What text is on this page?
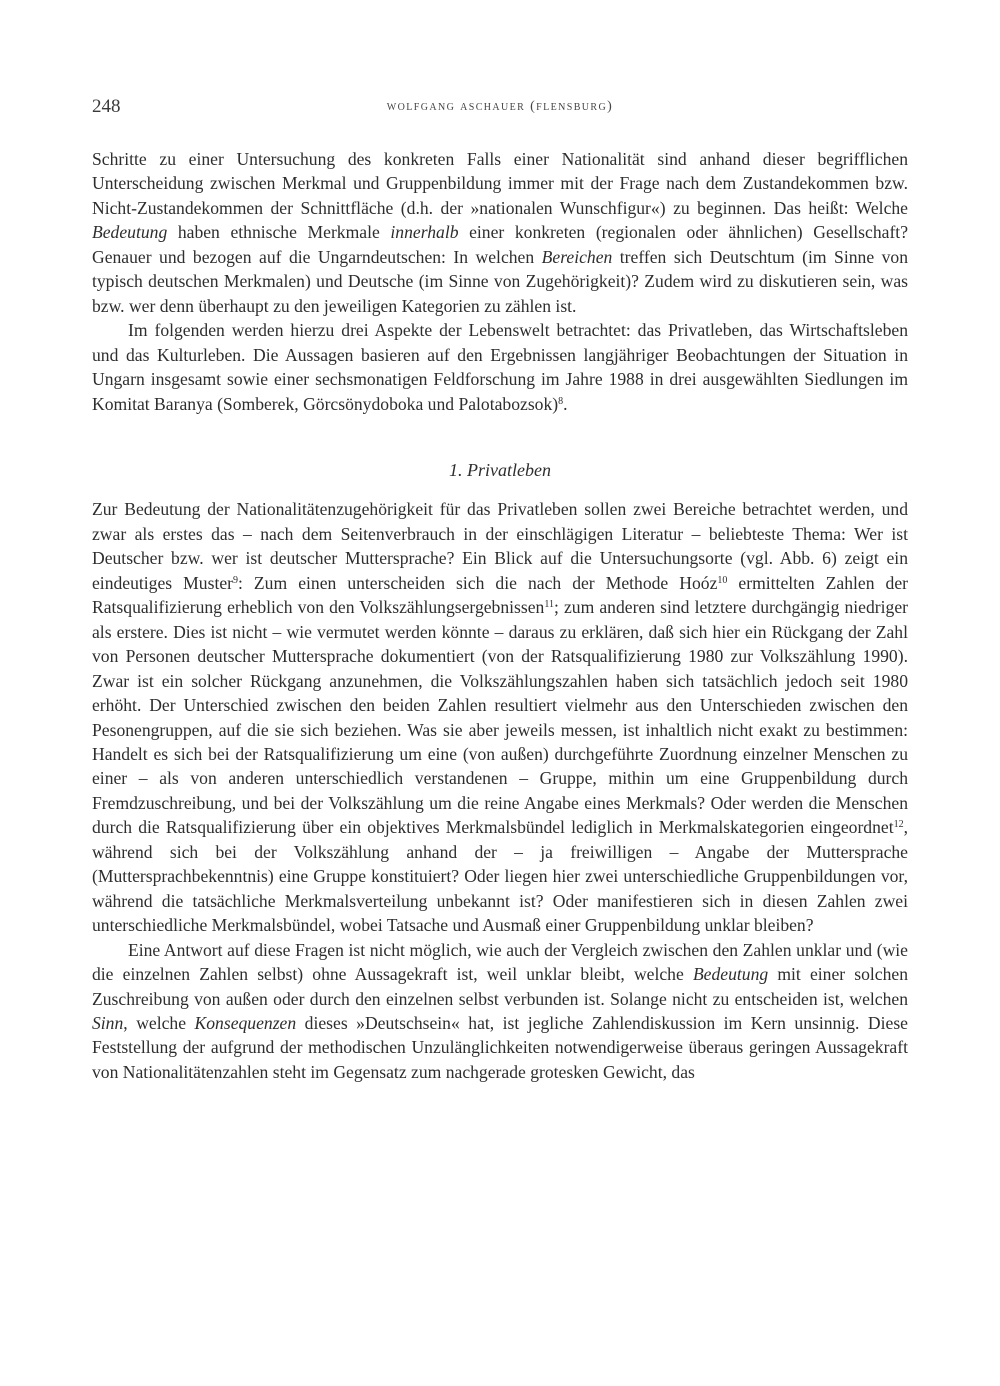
248	wolfgang aschauer (flensburg)

Schritte zu einer Untersuchung des konkreten Falls einer Nationalität sind anhand dieser begrifflichen Unterscheidung zwischen Merkmal und Gruppenbildung immer mit der Frage nach dem Zustandekommen bzw. Nicht-Zustandekommen der Schnittfläche (d.h. der »nationalen Wunschfigur«) zu beginnen. Das heißt: Welche Bedeutung haben ethnische Merkmale innerhalb einer konkreten (regionalen oder ähnlichen) Gesellschaft? Genauer und bezogen auf die Ungarndeutschen: In welchen Bereichen treffen sich Deutschtum (im Sinne von typisch deutschen Merkmalen) und Deutsche (im Sinne von Zugehörigkeit)? Zudem wird zu diskutieren sein, was bzw. wer denn überhaupt zu den jeweiligen Kategorien zu zählen ist.

Im folgenden werden hierzu drei Aspekte der Lebenswelt betrachtet: das Privatleben, das Wirtschaftsleben und das Kulturleben. Die Aussagen basieren auf den Ergebnissen langjähriger Beobachtungen der Situation in Ungarn insgesamt sowie einer sechsmonatigen Feldforschung im Jahre 1988 in drei ausgewählten Siedlungen im Komitat Baranya (Somberek, Görcsönydoboka und Palotabozsok)$^8$.

1. Privatleben

Zur Bedeutung der Nationalitätenzugehörigkeit für das Privatleben sollen zwei Bereiche betrachtet werden, und zwar als erstes das – nach dem Seitenverbrauch in der einschlägigen Literatur – beliebteste Thema: Wer ist Deutscher bzw. wer ist deutscher Muttersprache? Ein Blick auf die Untersuchungsorte (vgl. Abb. 6) zeigt ein eindeutiges Muster$^9$: Zum einen unterscheiden sich die nach der Methode Hoóz$^{10}$ ermittelten Zahlen der Ratsqualifizierung erheblich von den Volkszählungsergebnissen$^{11}$; zum anderen sind letztere durchgängig niedriger als erstere. Dies ist nicht – wie vermutet werden könnte – daraus zu erklären, daß sich hier ein Rückgang der Zahl von Personen deutscher Muttersprache dokumentiert (von der Ratsqualifizierung 1980 zur Volkszählung 1990). Zwar ist ein solcher Rückgang anzunehmen, die Volkszählungszahlen haben sich tatsächlich jedoch seit 1980 erhöht. Der Unterschied zwischen den beiden Zahlen resultiert vielmehr aus den Unterschieden zwischen den Pesonengruppen, auf die sie sich beziehen. Was sie aber jeweils messen, ist inhaltlich nicht exakt zu bestimmen: Handelt es sich bei der Ratsqualifizierung um eine (von außen) durchgeführte Zuordnung einzelner Menschen zu einer – als von anderen unterschiedlich verstandenen – Gruppe, mithin um eine Gruppenbildung durch Fremdzuschreibung, und bei der Volkszählung um die reine Angabe eines Merkmals? Oder werden die Menschen durch die Ratsqualifizierung über ein objektives Merkmalsbündel lediglich in Merkmalskategorien eingeordnet$^{12}$, während sich bei der Volkszählung anhand der – ja freiwilligen – Angabe der Muttersprache (Muttersprachbekenntnis) eine Gruppe konstituiert? Oder liegen hier zwei unterschiedliche Gruppenbildungen vor, während die tatsächliche Merkmalsverteilung unbekannt ist? Oder manifestieren sich in diesen Zahlen zwei unterschiedliche Merkmalsbündel, wobei Tatsache und Ausmaß einer Gruppenbildung unklar bleiben?

Eine Antwort auf diese Fragen ist nicht möglich, wie auch der Vergleich zwischen den Zahlen unklar und (wie die einzelnen Zahlen selbst) ohne Aussagekraft ist, weil unklar bleibt, welche Bedeutung mit einer solchen Zuschreibung von außen oder durch den einzelnen selbst verbunden ist. Solange nicht zu entscheiden ist, welchen Sinn, welche Konsequenzen dieses »Deutschsein« hat, ist jegliche Zahlendiskussion im Kern unsinnig. Diese Feststellung der aufgrund der methodischen Unzulänglichkeiten notwendigerweise überaus geringen Aussagekraft von Nationalitätenzahlen steht im Gegensatz zum nachgerade grotesken Gewicht, das
